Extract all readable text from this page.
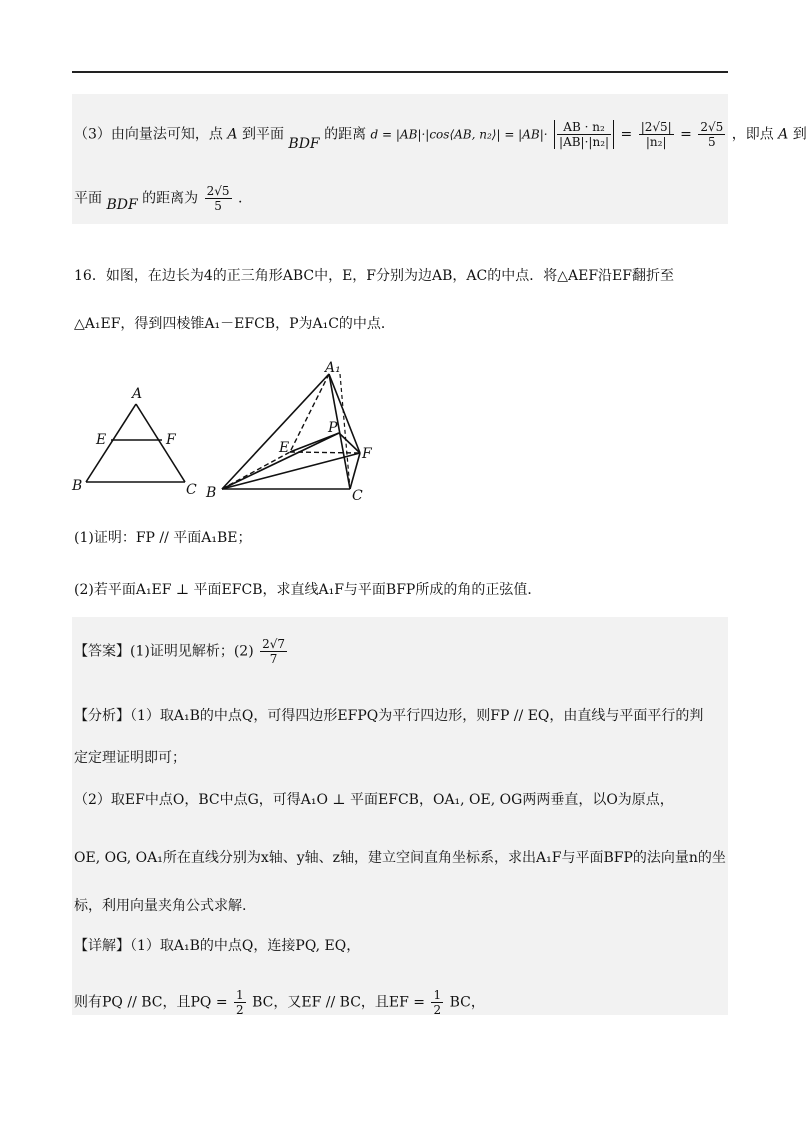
（3）由向量法可知，点 A 到平面 BDF 的距离 d = |AB|·|cos⟨AB, n₂⟩| = $|AB|\cdot \frac{\text{AB · n₂}}{\text{|AB|·|n₂|}} = \frac{|2√5|}{\text{|n₂|}} = \frac{2√5}{5}$ ，即点 A 到
平面 BDF 的距离为 $\frac{2√5}{5}$ .
16．如图，在边长为4的正三角形ABC中，E，F分别为边AB，AC的中点．将△AEF沿EF翻折至
△A₁EF，得到四棱锥A₁－EFCB，P为A₁C的中点．
A
E	F
B	C
A₁
P
E	F
B	C
(1)证明：FP // 平面A₁BE；
(2)若平面A₁EF ⊥ 平面EFCB，求直线A₁F与平面BFP所成的角的正弦值．
【答案】(1)证明见解析；$(2) \frac{2√7}{7}$
【分析】（1）取A₁B的中点Q，可得四边形EFPQ为平行四边形，则FP // EQ，由直线与平面平行的判
定定理证明即可；
（2）取EF中点O，BC中点G，可得A₁O ⊥ 平面EFCB，OA₁, OE, OG两两垂直，以O为原点，
OE, OG, OA₁所在直线分别为x轴、y轴、z轴，建立空间直角坐标系，求出A₁F与平面BFP的法向量n的坐
标，利用向量夹角公式求解.
【详解】（1）取A₁B的中点Q，连接PQ, EQ，
则有PQ // BC，且PQ = $\frac{1}{2}$ BC，又EF // BC，且EF = $\frac{1}{2}$ BC，
